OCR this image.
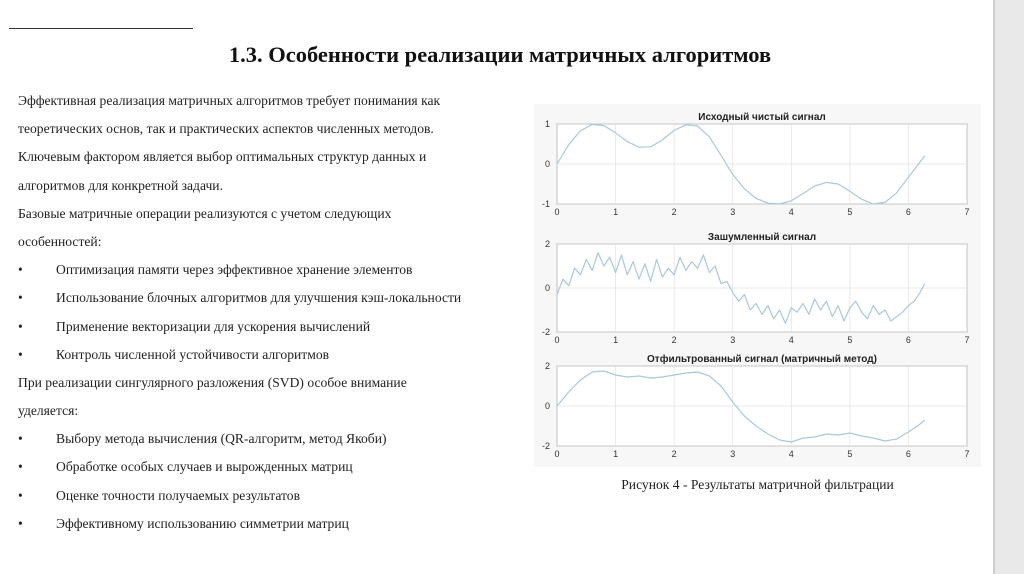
1.3. Особенности реализации матричных алгоритмов
Эффективная реализация матричных алгоритмов требует понимания как
теоретических основ, так и практических аспектов численных методов.
Ключевым фактором является выбор оптимальных структур данных и
алгоритмов для конкретной задачи.
Базовые матричные операции реализуются с учетом следующих
особенностей:
• Оптимизация памяти через эффективное хранение элементов
• Использование блочных алгоритмов для улучшения кэш-локальности
• Применение векторизации для ускорения вычислений
• Контроль численной устойчивости алгоритмов
При реализации сингулярного разложения (SVD) особое внимание
уделяется:
• Выбору метода вычисления (QR-алгоритм, метод Якоби)
• Обработке особых случаев и вырожденных матриц
• Оценке точности получаемых результатов
• Эффективному использованию симметрии матриц
Исходный чистый сигнал
0	1	2	3	4	5	6	7
-1
0
1
Зашумленный сигнал
0	1	2	3	4	5	6	7
-2
0
2
Отфильтрованный сигнал (матричный метод)
0	1	2	3	4	5	6	7
-2
0
2
Рисунок 4 - Результаты матричной фильтрации
